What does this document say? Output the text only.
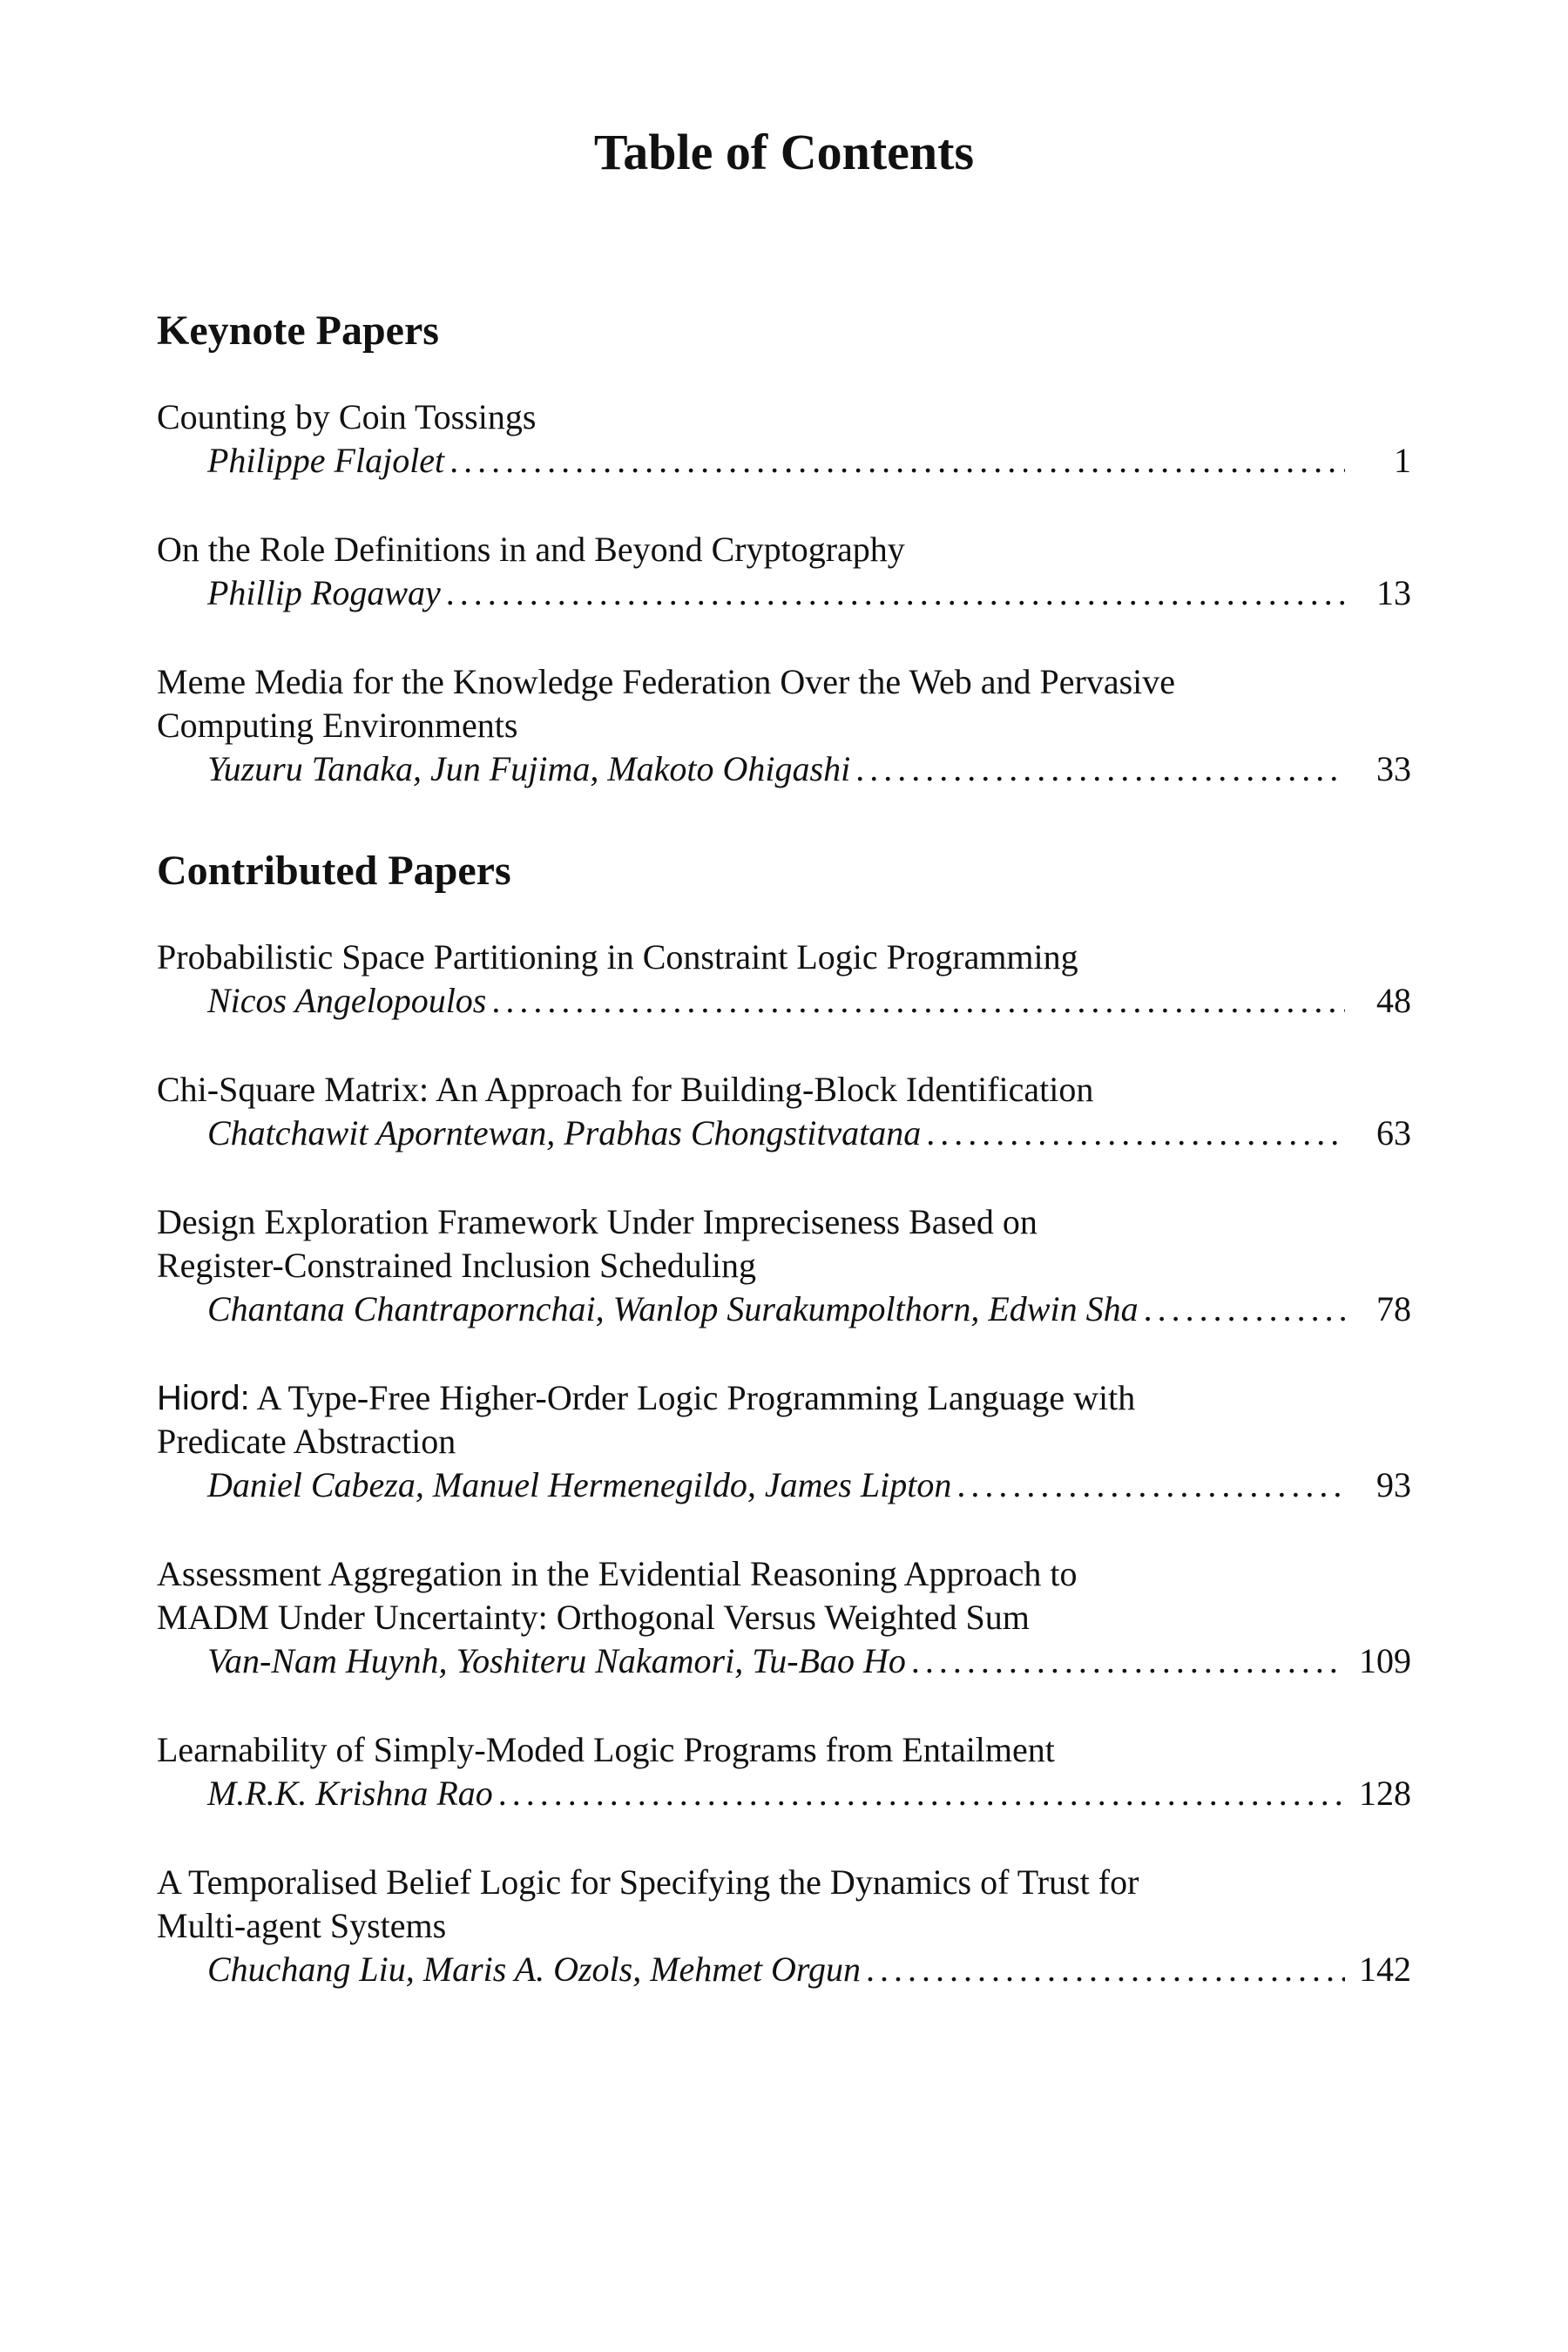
Table of Contents
Keynote Papers

Counting by Coin Tossings

Philippe Flajolet . . .	1

On the Role Definitions in and Beyond Cryptography

Phillip Rogaway . . .	13

Meme Media for the Knowledge Federation Over the Web and Pervasive

Computing Environments

Yuzuru Tanaka, Jun Fujima, Makoto Ohigashi . . .	33
Contributed Papers

Probabilistic Space Partitioning in Constraint Logic Programming

Nicos Angelopoulos . . .	48

Chi-Square Matrix: An Approach for Building-Block Identification

Chatchawit Aporntewan, Prabhas Chongstitvatana . . .	63

Design Exploration Framework Under Impreciseness Based on

Register-Constrained Inclusion Scheduling

Chantana Chantrapornchai, Wanlop Surakumpolthorn, Edwin Sha . . .	78

Hiord: A Type-Free Higher-Order Logic Programming Language with

Predicate Abstraction

Daniel Cabeza, Manuel Hermenegildo, James Lipton . . .	93

Assessment Aggregation in the Evidential Reasoning Approach to

MADM Under Uncertainty: Orthogonal Versus Weighted Sum

Van-Nam Huynh, Yoshiteru Nakamori, Tu-Bao Ho . . .	109

Learnability of Simply-Moded Logic Programs from Entailment

M.R.K. Krishna Rao . . .	128

A Temporalised Belief Logic for Specifying the Dynamics of Trust for

Multi-agent Systems

Chuchang Liu, Maris A. Ozols, Mehmet Orgun . . .	142
